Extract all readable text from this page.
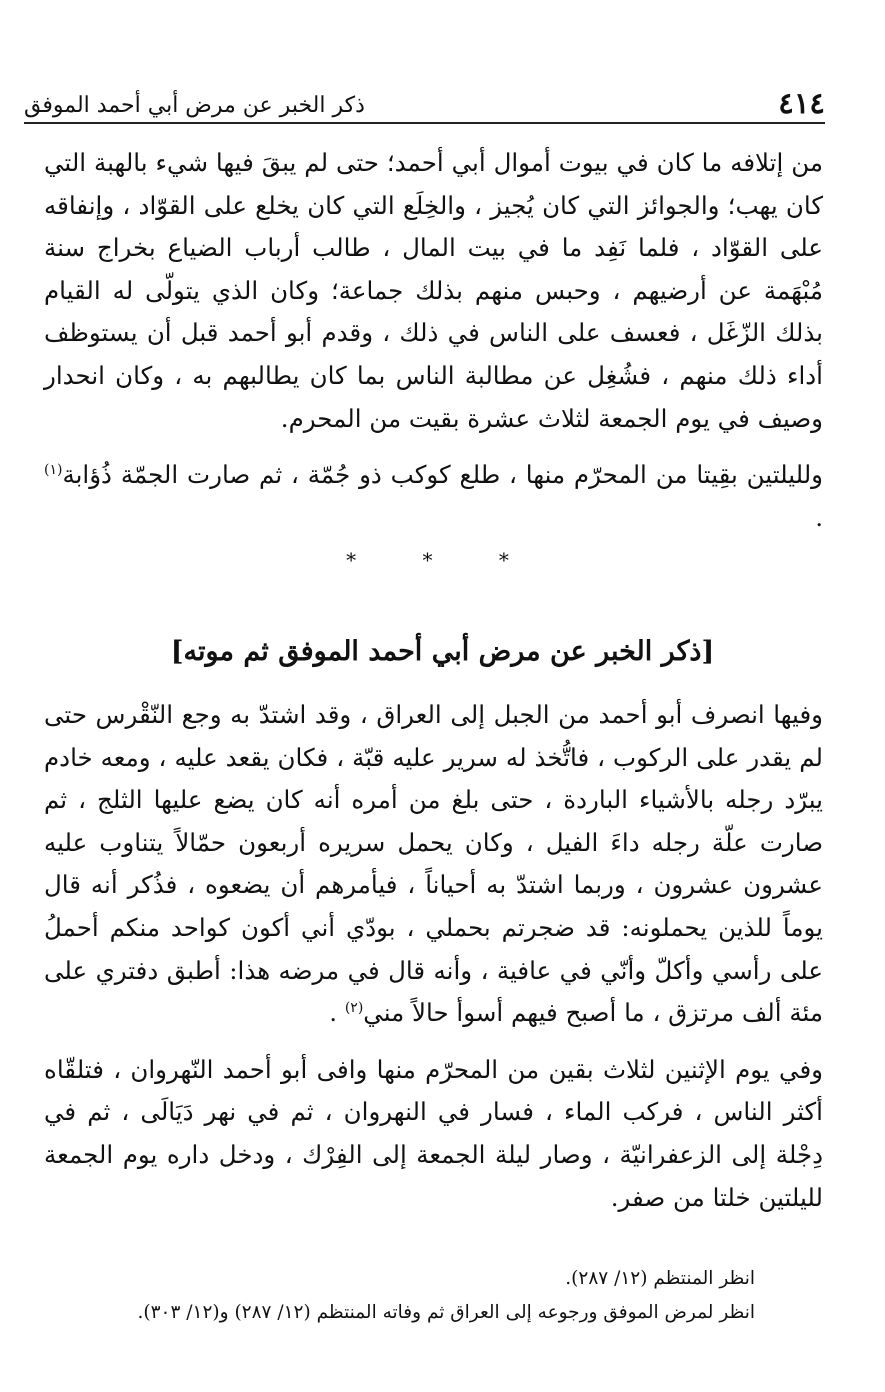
ذكر الخبر عن مرض أبي أحمد الموفق	٤١٤

من إتلافه ما كان في بيوت أموال أبي أحمد؛ حتى لم يبقَ فيها شيء بالهبة التي كان يهب؛ والجوائز التي كان يُجيز ، والخِلَع التي كان يخلع على القوّاد ، وإنفاقه على القوّاد ، فلما نَفِد ما في بيت المال ، طالب أرباب الضياع بخراج سنة مُبْهَمة عن أرضيهم ، وحبس منهم بذلك جماعة؛ وكان الذي يتولّى له القيام بذلك الزّغَل ، فعسف على الناس في ذلك ، وقدم أبو أحمد قبل أن يستوظف أداء ذلك منهم ، فشُغِل عن مطالبة الناس بما كان يطالبهم به ، وكان انحدار وصيف في يوم الجمعة لثلاث عشرة بقيت من المحرم.

ولليلتين بقِيتا من المحرّم منها ، طلع كوكب ذو جُمّة ، ثم صارت الجمّة ذُؤابة$^{(١)}$ .

* * *
[ذكر الخبر عن مرض أبي أحمد الموفق ثم موته]

وفيها انصرف أبو أحمد من الجبل إلى العراق ، وقد اشتدّ به وجع النّقْرس حتى لم يقدر على الركوب ، فاتُّخذ له سرير عليه قبّة ، فكان يقعد عليه ، ومعه خادم يبرّد رجله بالأشياء الباردة ، حتى بلغ من أمره أنه كان يضع عليها الثلج ، ثم صارت علّة رجله داءَ الفيل ، وكان يحمل سريره أربعون حمّالاً يتناوب عليه عشرون عشرون ، وربما اشتدّ به أحياناً ، فيأمرهم أن يضعوه ، فذُكر أنه قال يوماً للذين يحملونه: قد ضجرتم بحملي ، بودّي أني أكون كواحد منكم أحملُ على رأسي وأكلّ وأنّي في عافية ، وأنه قال في مرضه هذا: أطبق دفتري على مئة ألف مرتزق ، ما أصبح فيهم أسوأ حالاً مني$^{(٢)}$ .

وفي يوم الإثنين لثلاث بقين من المحرّم منها وافى أبو أحمد النّهروان ، فتلقّاه أكثر الناس ، فركب الماء ، فسار في النهروان ، ثم في نهر دَيَالَى ، ثم في دِجْلة إلى الزعفرانيّة ، وصار ليلة الجمعة إلى الفِرْك ، ودخل داره يوم الجمعة لليلتين خلتا من صفر.

انظر المنتظم (١٢/ ٢٨٧).
انظر لمرض الموفق ورجوعه إلى العراق ثم وفاته المنتظم (١٢/ ٢٨٧) و(١٢/ ٣٠٣).
